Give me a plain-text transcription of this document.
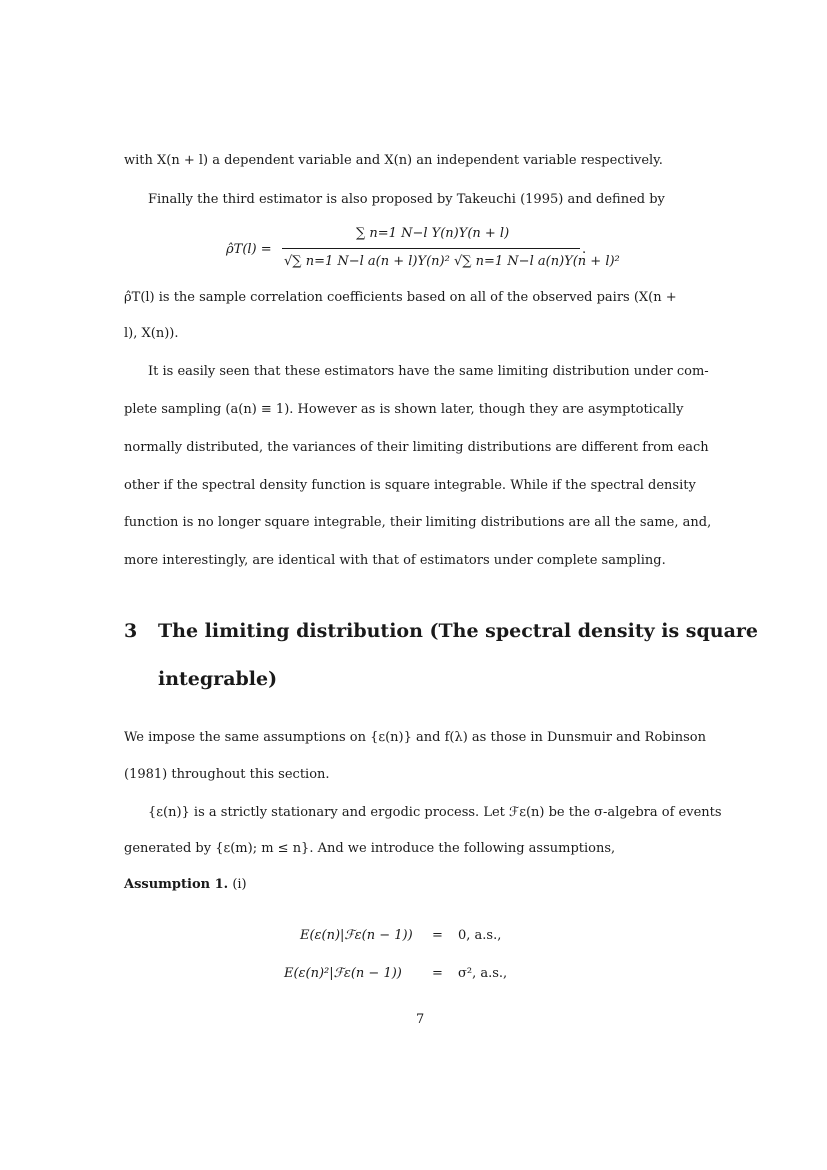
with X(n + l) a dependent variable and X(n) an independent variable respectively.
Finally the third estimator is also proposed by Takeuchi (1995) and defined by
ρ̂T(l) =
∑ n=1 N−l Y(n)Y(n + l)
√∑ n=1 N−l a(n + l)Y(n)² √∑ n=1 N−l a(n)Y(n + l)²
.
ρ̂T(l) is the sample correlation coefficients based on all of the observed pairs (X(n +
l), X(n)).
It is easily seen that these estimators have the same limiting distribution under com-
plete sampling (a(n) ≡ 1). However as is shown later, though they are asymptotically
normally distributed, the variances of their limiting distributions are different from each
other if the spectral density function is square integrable. While if the spectral density
function is no longer square integrable, their limiting distributions are all the same, and,
more interestingly, are identical with that of estimators under complete sampling.
3 The limiting distribution (The spectral density is square
integrable)
We impose the same assumptions on {ε(n)} and f(λ) as those in Dunsmuir and Robinson
(1981) throughout this section.
{ε(n)} is a strictly stationary and ergodic process. Let ℱε(n) be the σ-algebra of events
generated by {ε(m); m ≤ n}. And we introduce the following assumptions,
Assumption 1. (i)
E(ε(n)|ℱε(n − 1)) = 0, a.s.,
E(ε(n)²|ℱε(n − 1)) = σ², a.s.,
7
